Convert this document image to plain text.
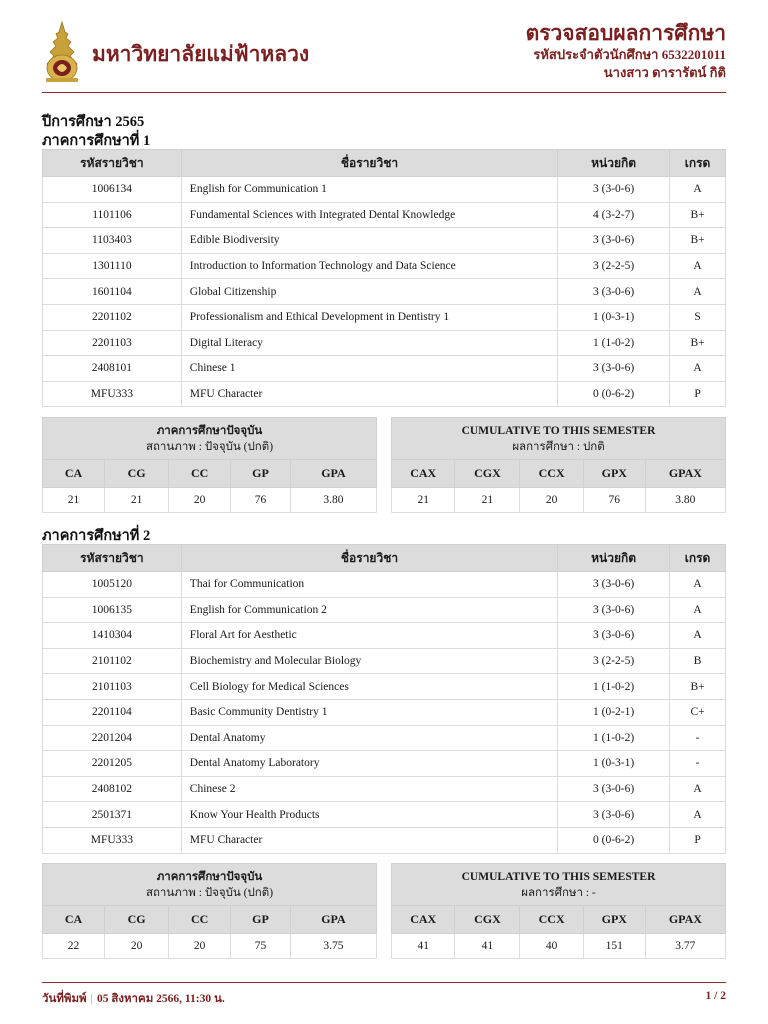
มหาวิทยาลัยแม่ฟ้าหลวง
ตรวจสอบผลการศึกษา
รหัสประจำตัวนักศึกษา 6532201011
นางสาว ดารารัตน์ กิติ
ปีการศึกษา 2565
ภาคการศึกษาที่ 1
รหัสรายวิชา	ชื่อรายวิชา	หน่วยกิต	เกรด
1006134	English for Communication 1	3 (3-0-6)	A
1101106	Fundamental Sciences with Integrated Dental Knowledge	4 (3-2-7)	B+
1103403	Edible Biodiversity	3 (3-0-6)	B+
1301110	Introduction to Information Technology and Data Science	3 (2-2-5)	A
1601104	Global Citizenship	3 (3-0-6)	A
2201102	Professionalism and Ethical Development in Dentistry 1	1 (0-3-1)	S
2201103	Digital Literacy	1 (1-0-2)	B+
2408101	Chinese 1	3 (3-0-6)	A
MFU333	MFU Character	0 (0-6-2)	P
ภาคการศึกษาปัจจุบัน
สถานภาพ : ปัจจุบัน (ปกติ)				
CA	CG	CC	GP	GPA
21	21	20	76	3.80
CUMULATIVE TO THIS SEMESTER
ผลการศึกษา : ปกติ				
CAX	CGX	CCX	GPX	GPAX
21	21	20	76	3.80
ภาคการศึกษาที่ 2
รหัสรายวิชา	ชื่อรายวิชา	หน่วยกิต	เกรด
1005120	Thai for Communication	3 (3-0-6)	A
1006135	English for Communication 2	3 (3-0-6)	A
1410304	Floral Art for Aesthetic	3 (3-0-6)	A
2101102	Biochemistry and Molecular Biology	3 (2-2-5)	B
2101103	Cell Biology for Medical Sciences	1 (1-0-2)	B+
2201104	Basic Community Dentistry 1	1 (0-2-1)	C+
2201204	Dental Anatomy	1 (1-0-2)	-
2201205	Dental Anatomy Laboratory	1 (0-3-1)	-
2408102	Chinese 2	3 (3-0-6)	A
2501371	Know Your Health Products	3 (3-0-6)	A
MFU333	MFU Character	0 (0-6-2)	P
ภาคการศึกษาปัจจุบัน
สถานภาพ : ปัจจุบัน (ปกติ)				
CA	CG	CC	GP	GPA
22	20	20	75	3.75
CUMULATIVE TO THIS SEMESTER
ผลการศึกษา : -				
CAX	CGX	CCX	GPX	GPAX
41	41	40	151	3.77
วันที่พิมพ์ | 05 สิงหาคม 2566, 11:30 น.	1 / 2
